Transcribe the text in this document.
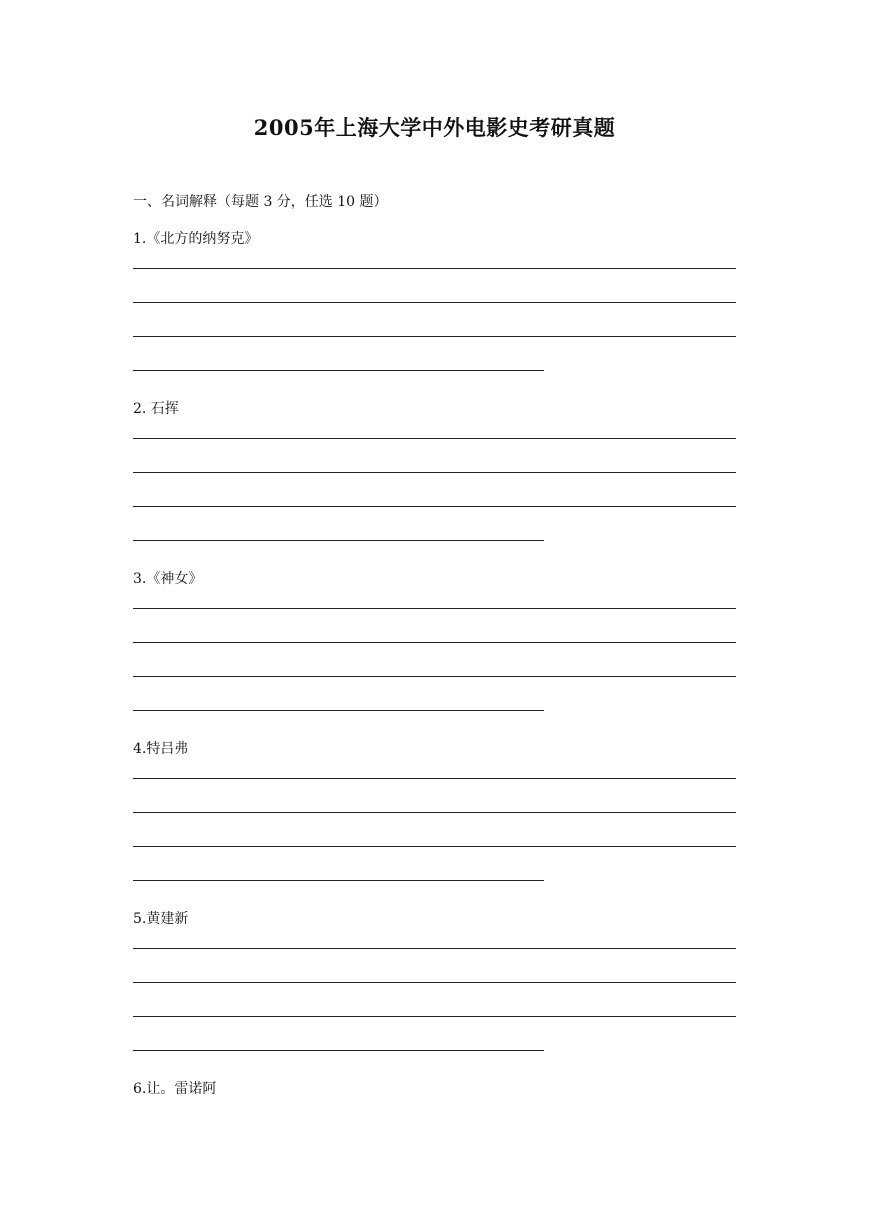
2005年上海大学中外电影史考研真题
一、名词解释（每题 3 分，任选 10 题）
1.《北方的纳努克》
2. 石挥
3.《神女》
4.特吕弗
5.黄建新
6.让。雷诺阿
